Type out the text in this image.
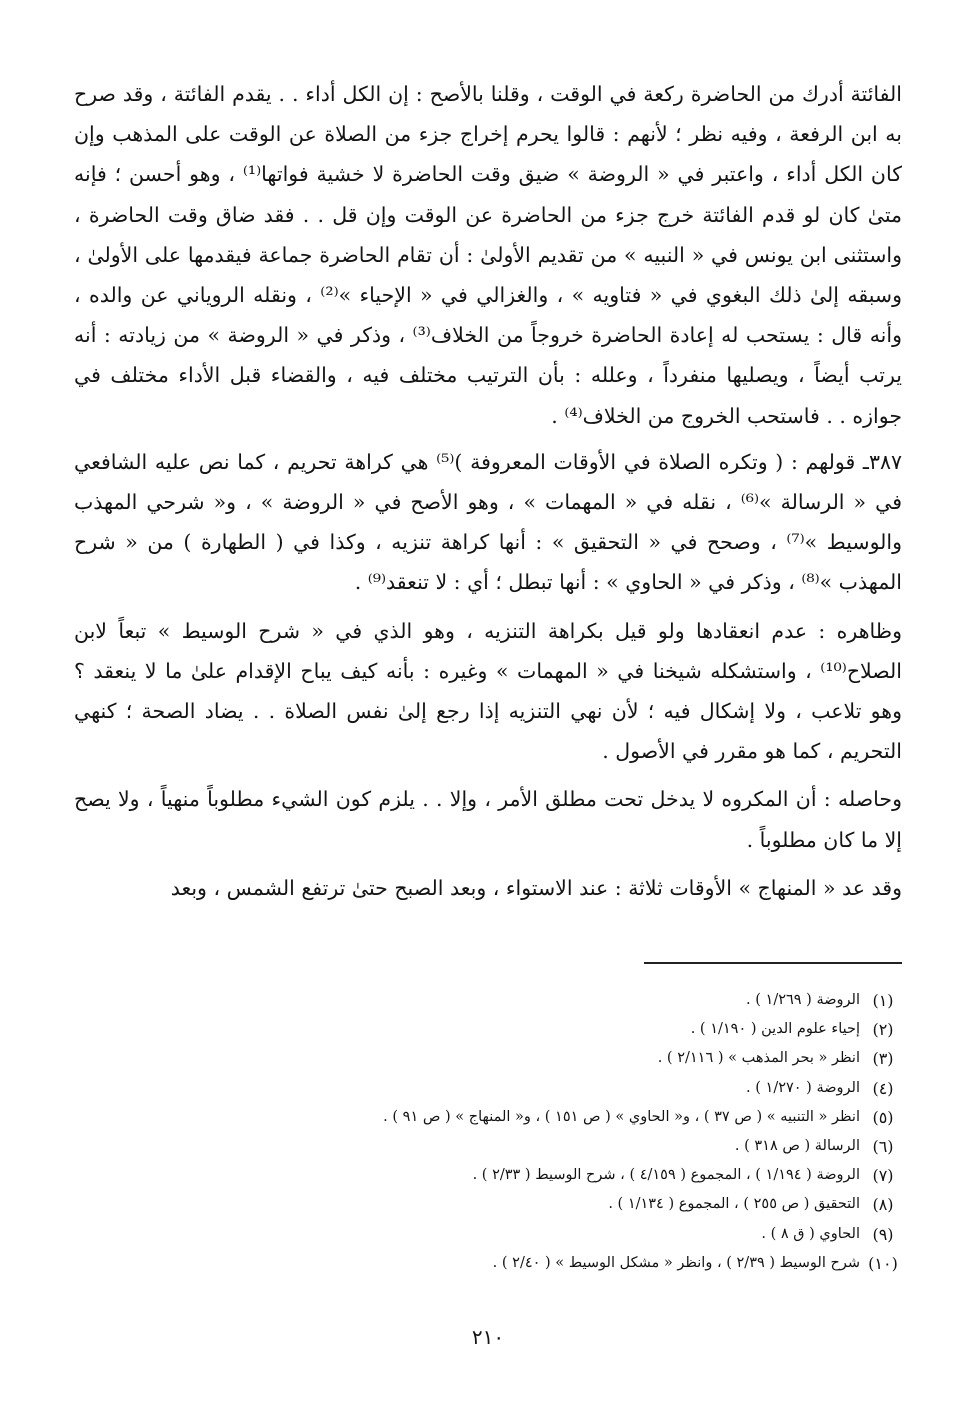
الفائتة أدرك من الحاضرة ركعة في الوقت ، وقلنا بالأصح : إن الكل أداء . . يقدم الفائتة ، وقد صرح به ابن الرفعة ، وفيه نظر ؛ لأنهم : قالوا يحرم إخراج جزء من الصلاة عن الوقت على المذهب وإن كان الكل أداء ، واعتبر في « الروضة » ضيق وقت الحاضرة لا خشية فواتها⁽¹⁾ ، وهو أحسن ؛ فإنه متىٰ كان لو قدم الفائتة خرج جزء من الحاضرة عن الوقت وإن قل . . فقد ضاق وقت الحاضرة ، واستثنى ابن يونس في « النبيه » من تقديم الأولىٰ : أن تقام الحاضرة جماعة فيقدمها على الأولىٰ ، وسبقه إلىٰ ذلك البغوي في « فتاويه » ، والغزالي في « الإحياء »⁽²⁾ ، ونقله الروياني عن والده ، وأنه قال : يستحب له إعادة الحاضرة خروجاً من الخلاف⁽³⁾ ، وذكر في « الروضة » من زيادته : أنه يرتب أيضاً ، ويصليها منفرداً ، وعلله : بأن الترتيب مختلف فيه ، والقضاء قبل الأداء مختلف في جوازه . . فاستحب الخروج من الخلاف⁽⁴⁾ .

٣٨٧ـ قولهم : ( وتكره الصلاة في الأوقات المعروفة )⁽⁵⁾ هي كراهة تحريم ، كما نص عليه الشافعي في « الرسالة »⁽⁶⁾ ، نقله في « المهمات » ، وهو الأصح في « الروضة » ، و« شرحي المهذب والوسيط »⁽⁷⁾ ، وصحح في « التحقيق » : أنها كراهة تنزيه ، وكذا في ( الطهارة ) من « شرح المهذب »⁽⁸⁾ ، وذكر في « الحاوي » : أنها تبطل ؛ أي : لا تنعقد⁽⁹⁾ .

وظاهره : عدم انعقادها ولو قيل بكراهة التنزيه ، وهو الذي في « شرح الوسيط » تبعاً لابن الصلاح⁽¹⁰⁾ ، واستشكله شيخنا في « المهمات » وغيره : بأنه كيف يباح الإقدام علىٰ ما لا ينعقد ؟ وهو تلاعب ، ولا إشكال فيه ؛ لأن نهي التنزيه إذا رجع إلىٰ نفس الصلاة . . يضاد الصحة ؛ كنهي التحريم ، كما هو مقرر في الأصول .

وحاصله : أن المكروه لا يدخل تحت مطلق الأمر ، وإلا . . يلزم كون الشيء مطلوباً منهياً ، ولا يصح إلا ما كان مطلوباً .

وقد عد « المنهاج » الأوقات ثلاثة : عند الاستواء ، وبعد الصبح حتىٰ ترتفع الشمس ، وبعد

(١)
الروضة ( ١/٢٦٩ ) .
(٢)
إحياء علوم الدين ( ١/١٩٠ ) .
(٣)
انظر « بحر المذهب » ( ٢/١١٦ ) .
(٤)
الروضة ( ١/٢٧٠ ) .
(٥)
انظر « التنبيه » ( ص ٣٧ ) ، و« الحاوي » ( ص ١٥١ ) ، و« المنهاج » ( ص ٩١ ) .
(٦)
الرسالة ( ص ٣١٨ ) .
(٧)
الروضة ( ١/١٩٤ ) ، المجموع ( ٤/١٥٩ ) ، شرح الوسيط ( ٢/٣٣ ) .
(٨)
التحقيق ( ص ٢٥٥ ) ، المجموع ( ١/١٣٤ ) .
(٩)
الحاوي ( ق ٨ ) .
(١٠)
شرح الوسيط ( ٢/٣٩ ) ، وانظر « مشكل الوسيط » ( ٢/٤٠ ) .
٢١٠
